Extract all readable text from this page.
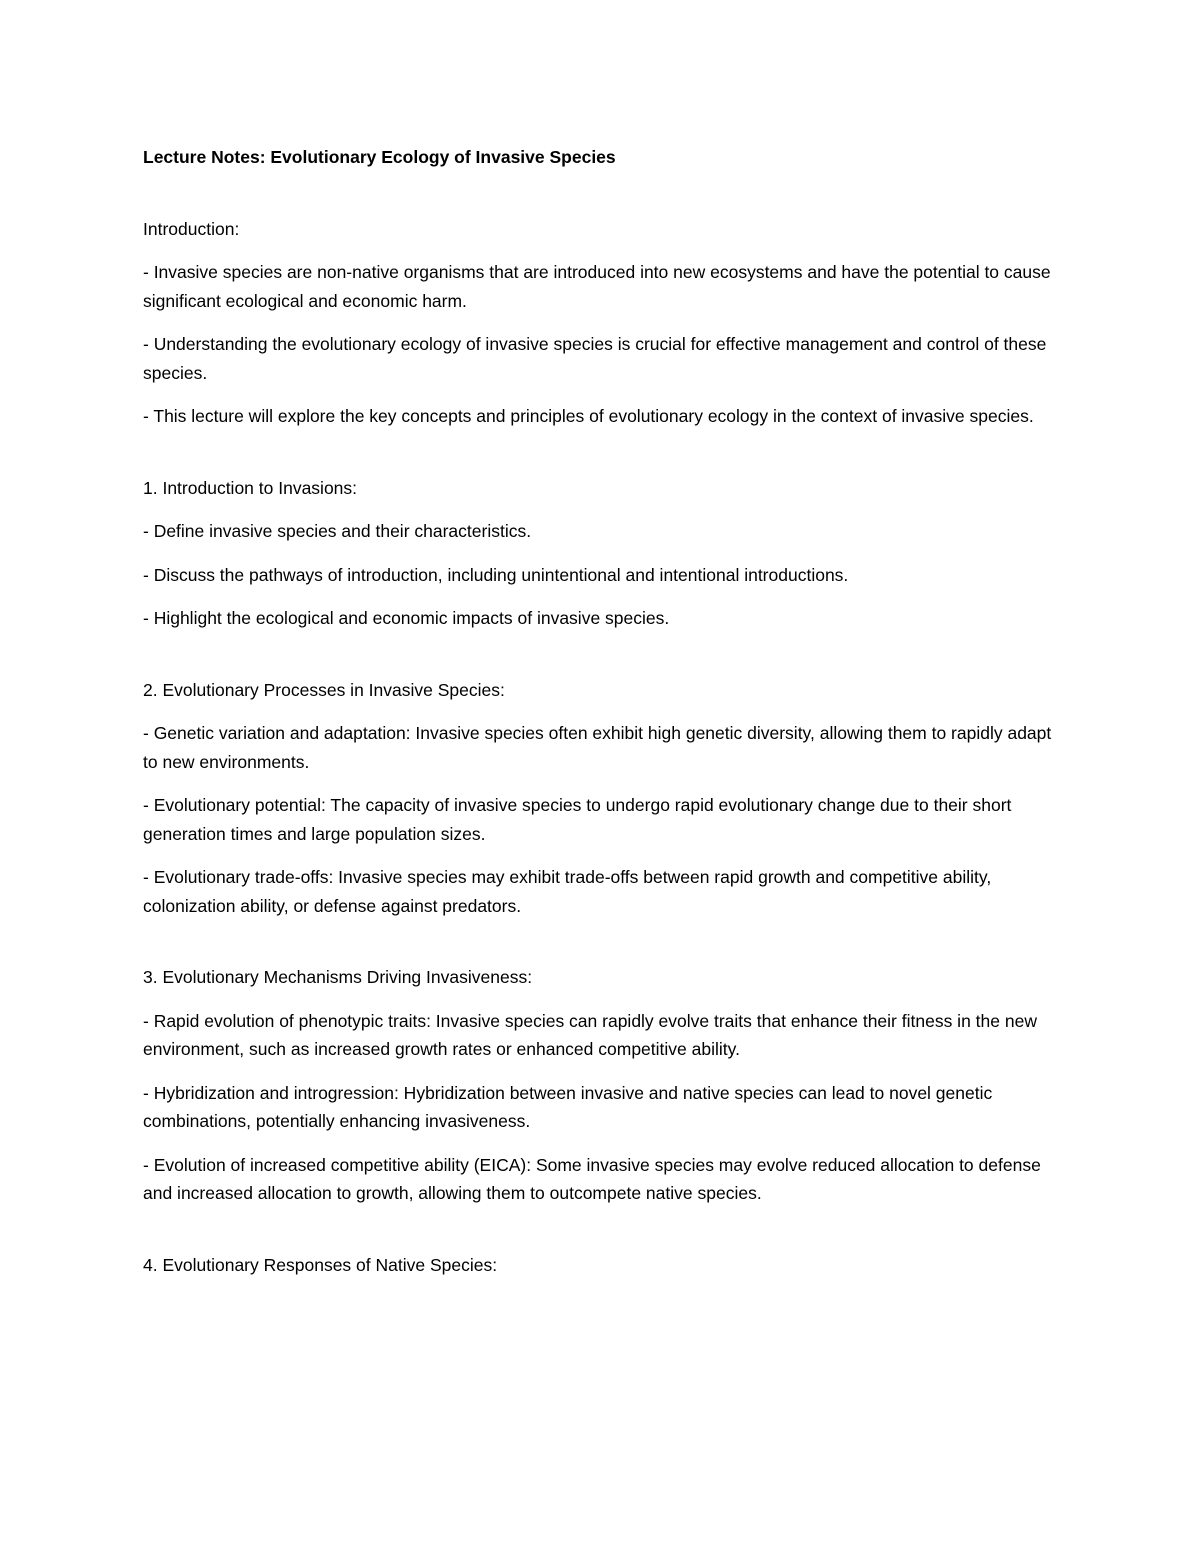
Lecture Notes: Evolutionary Ecology of Invasive Species
Introduction:
- Invasive species are non-native organisms that are introduced into new ecosystems and have the potential to cause significant ecological and economic harm.
- Understanding the evolutionary ecology of invasive species is crucial for effective management and control of these species.
- This lecture will explore the key concepts and principles of evolutionary ecology in the context of invasive species.
1. Introduction to Invasions:
- Define invasive species and their characteristics.
- Discuss the pathways of introduction, including unintentional and intentional introductions.
- Highlight the ecological and economic impacts of invasive species.
2. Evolutionary Processes in Invasive Species:
- Genetic variation and adaptation: Invasive species often exhibit high genetic diversity, allowing them to rapidly adapt to new environments.
- Evolutionary potential: The capacity of invasive species to undergo rapid evolutionary change due to their short generation times and large population sizes.
- Evolutionary trade-offs: Invasive species may exhibit trade-offs between rapid growth and competitive ability, colonization ability, or defense against predators.
3. Evolutionary Mechanisms Driving Invasiveness:
- Rapid evolution of phenotypic traits: Invasive species can rapidly evolve traits that enhance their fitness in the new environment, such as increased growth rates or enhanced competitive ability.
- Hybridization and introgression: Hybridization between invasive and native species can lead to novel genetic combinations, potentially enhancing invasiveness.
- Evolution of increased competitive ability (EICA): Some invasive species may evolve reduced allocation to defense and increased allocation to growth, allowing them to outcompete native species.
4. Evolutionary Responses of Native Species:
